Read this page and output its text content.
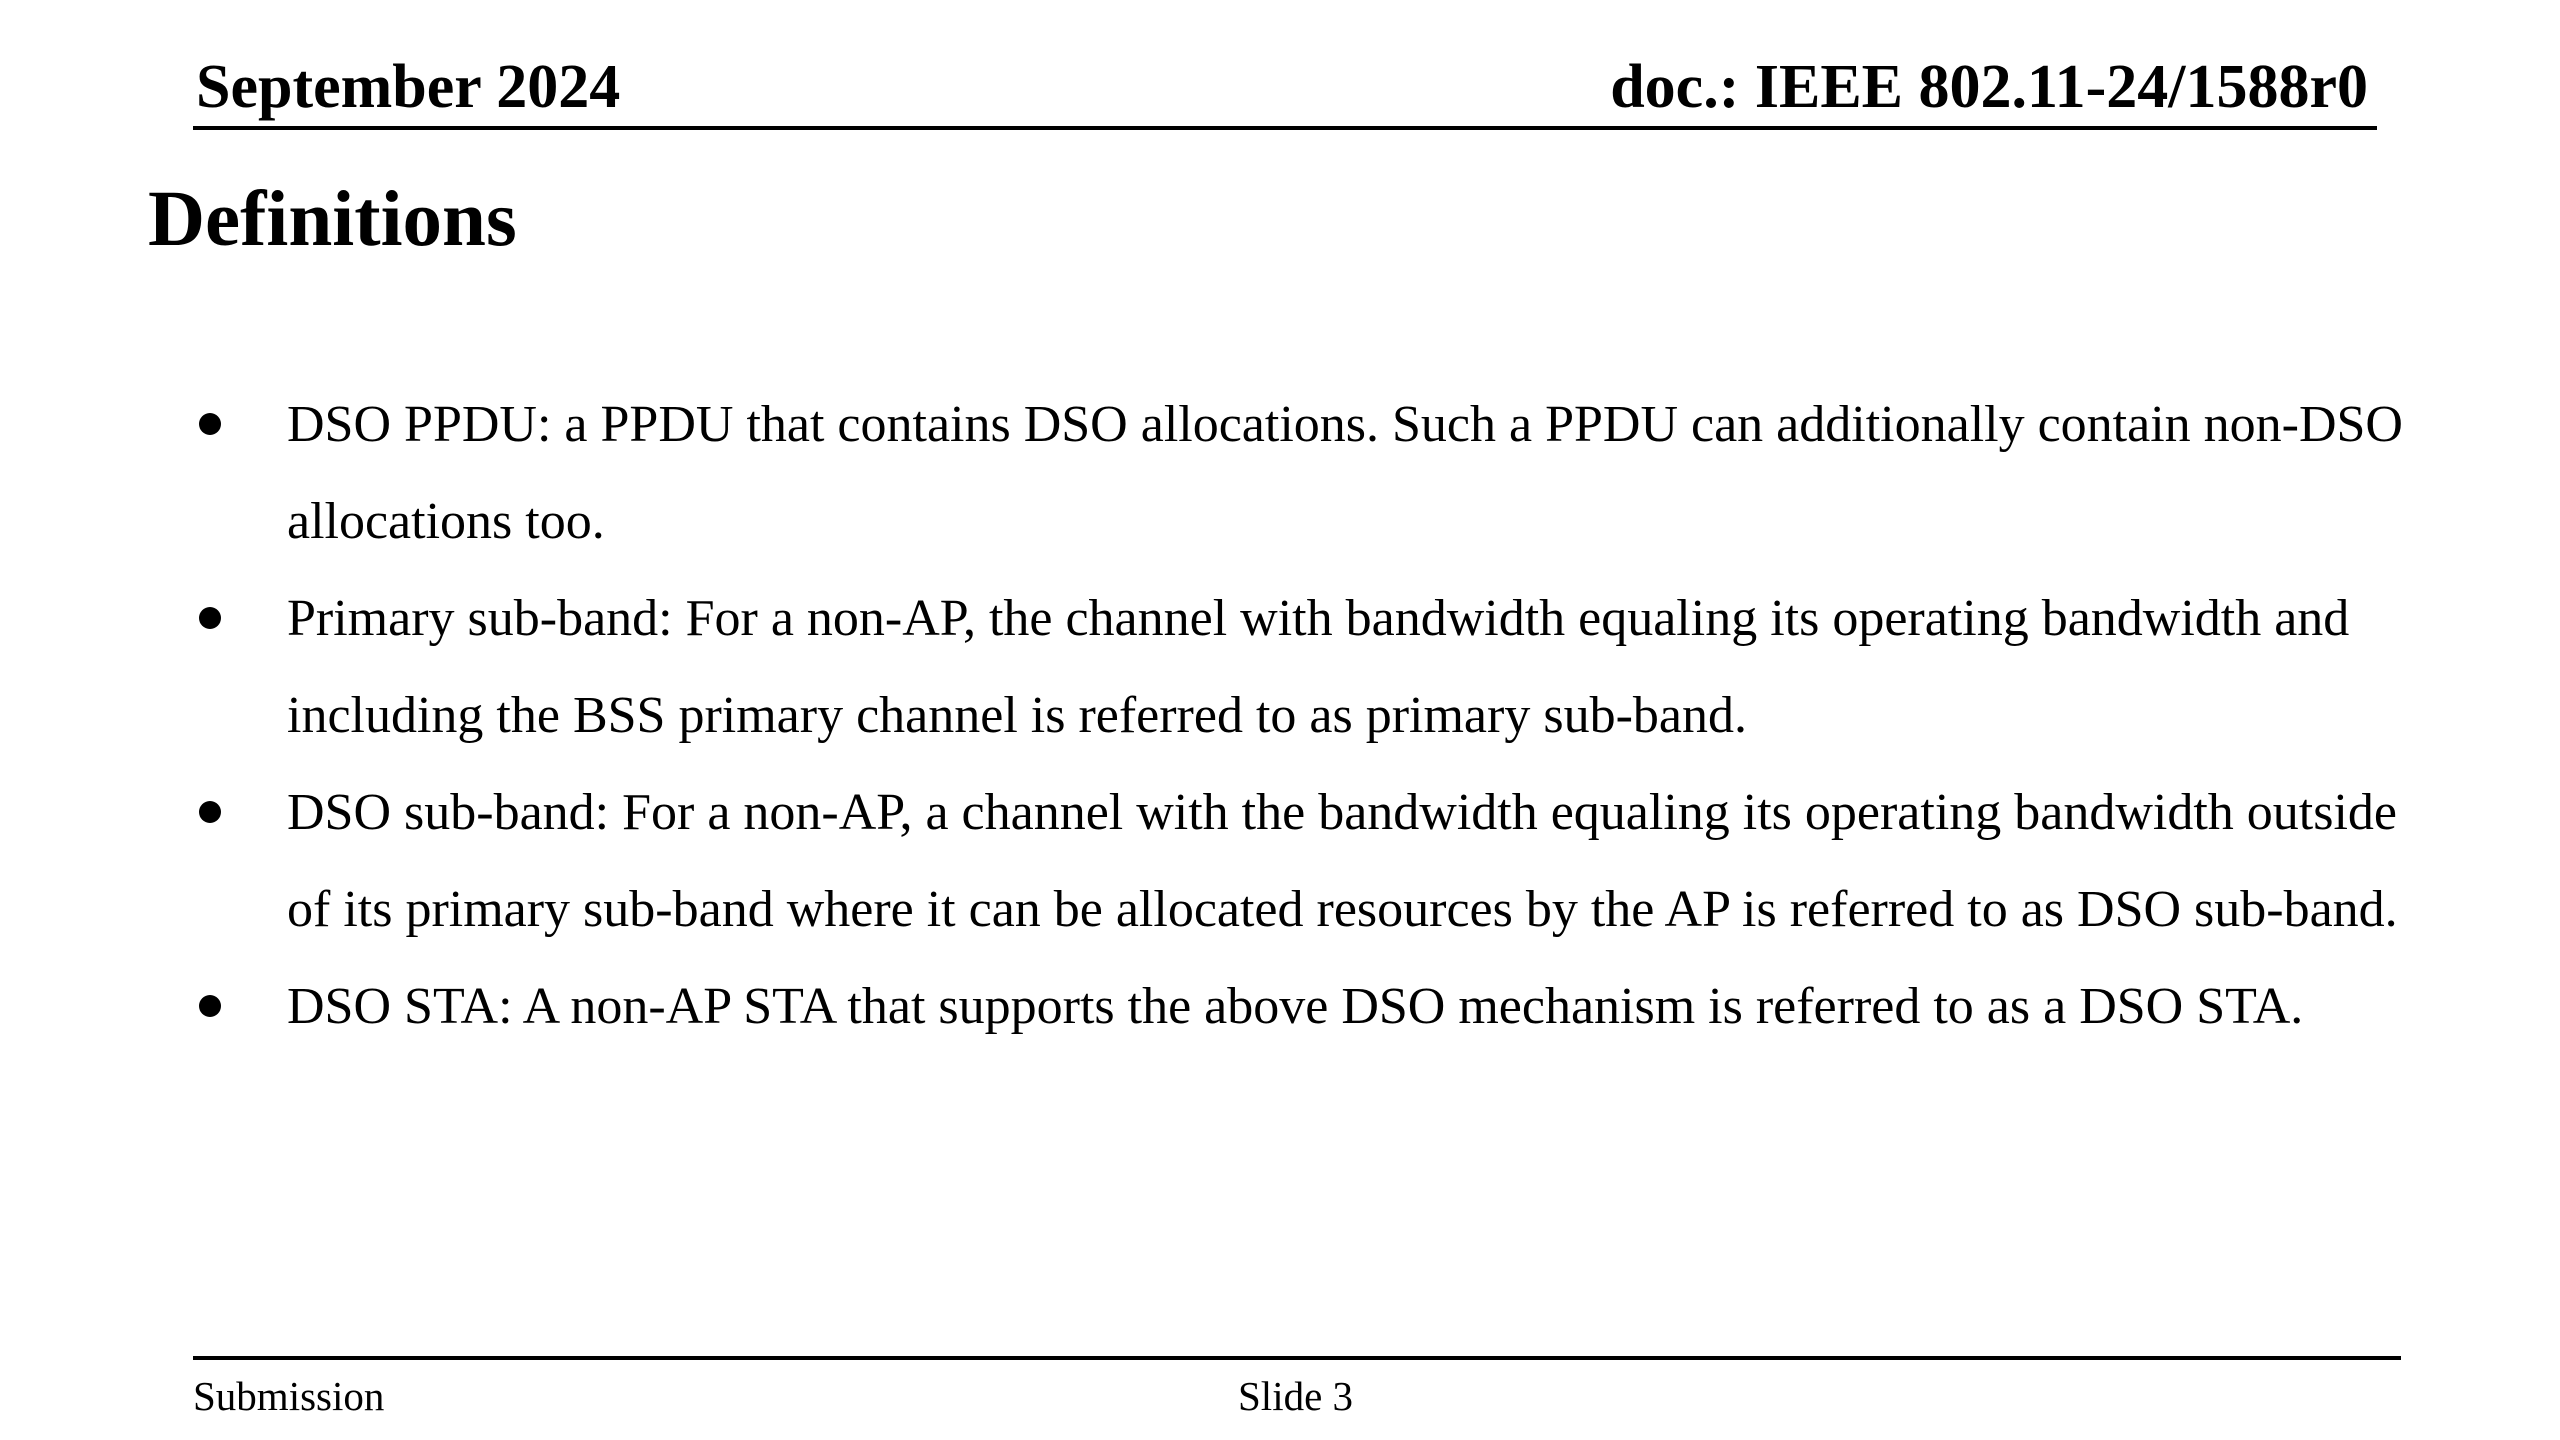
September 2024	doc.: IEEE 802.11-24/1588r0
Definitions
DSO PPDU: a PPDU that contains DSO allocations. Such a PPDU can additionally contain non-DSO allocations too.
Primary sub-band: For a non-AP, the channel with bandwidth equaling its operating bandwidth and including the BSS primary channel is referred to as primary sub-band.
DSO sub-band: For a non-AP, a channel with the bandwidth equaling its operating bandwidth outside of its primary sub-band where it can be allocated resources by the AP is referred to as DSO sub-band.
DSO STA: A non-AP STA that supports the above DSO mechanism is referred to as a DSO STA.
Submission	Slide 3
